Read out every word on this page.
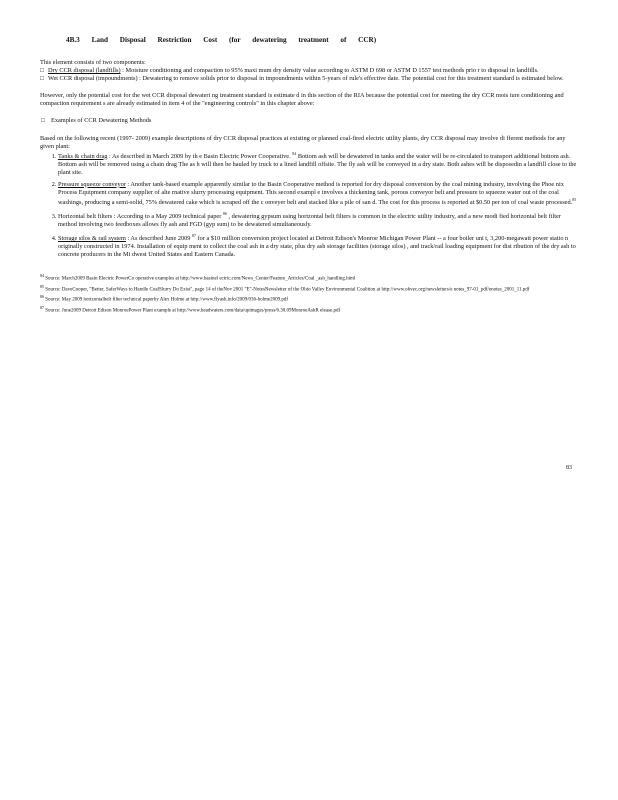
4B.3 Land Disposal Restriction Cost (for dewatering treatment of CCR)

This element consists of two components:

□ Dry CCR disposal (landfills) : Moisture conditioning and compaction to 95% maxi mum dry density value according to ASTM D 698 or ASTM D 1557 test methods prio r to disposal in landfills.
□ Wet CCR disposal (impoundments) : Dewatering to remove solids prior to disposal in impoundments within 5-years of rule's effective date. The potential cost for this treatment standard is estimated below.

However, only the potential cost for the wet CCR disposal dewateri ng treatment standard is estimate d in this section of the RIA because the potential cost for meeting the dry CCR mois ture conditioning and compaction requirement s are already estimated in item 4 of the "engineering controls" in this chapter above:

□ Examples of CCR Dewatering Methods

Based on the following recent (1997- 2009) example descriptions of dry CCR disposal practices at existing or planned coal-fired electric utility plants, dry CCR disposal may involve di fferent methods for any given plant:

1. Tanks & chain drag : As described in March 2009 by th e Basin Electric Power Cooperative. $^{84}$ Bottom ash will be dewatered in tanks and the water will be re-circulated to transport additional bottom ash. Bottom ash will be removed using a chain drag The as h will then be hauled by truck to a lined landfill offsite. The fly ash will be conveyed in a dry state. Both ashes will be disposedin a landfill close to the plant site.
2. Pressure squeeze conveyor : Another tank-based example apparently similar to the Basin Cooperative method is reported for dry disposal conversion by the coal mining industry, involving the Phoe nix Process Equipment company supplier of alte rnative slurry processing equipment. This second exampl e involves a thickening tank, porous conveyor belt and pressure to squeeze water out of the coal washings, producing a semi-solid, 75% dewatered cake which is scraped off the c onveyer belt and stacked like a pile of san d. The cost for this process is reported at $0.50 per ton of coal waste processed.$^{85}$
3. Horizontal belt filters : According to a May 2009 technical paper $^{86}$ , dewatering gypsum using horizontal belt filters is common in the electric utility industry, and a new modi fied horizontal belt filter method involving two feedboxes allows fly ash and FGD (gyp sum) to be dewatered simultaneously.
4. Storage silos & rail system : As described June 2009 $^{87}$ for a $10 million conversion project located at Detroit Edison's Monroe Michigan Power Plant -- a four boiler uni t, 3,200-megawatt power statio n originally constructed in 1974. Installation of equip ment to collect the coal ash in a dry state, plus dry ash storage facilities (storage silos) , and track/rail loading equipment for dist ribution of the dry ash to concrete producers in the Mi dwest United States and Eastern Canada.

$^{84}$ Source: March2009 Basin Electric PowerCo operative examples at http://www.basinel ectric.com/News_Center/Feature_Articles/Coal _ash_handling.html

$^{85}$ Source: DaveCooper, "Better, SaferWays to Handle CoalSlurry Do Exist", page 14 of theNov 2001 "E"-NotesNewsletter of the Ohio Valley Environmental Coalition at http://www.ohvec.org/newsletters/e notes_97-01_pdf/enotes_2001_11.pdf

$^{86}$ Source: May 2009 horizontalbelt filter technical paperby Alex Holme at http://www.flyash.info/2009/036-holme2009.pdf

$^{87}$ Source: June2009 Detroit Edison MonroePower Plant example at http://www.headwaters.com/data/upimages/press/6.30.09MonroeAshR elease.pdf

83
